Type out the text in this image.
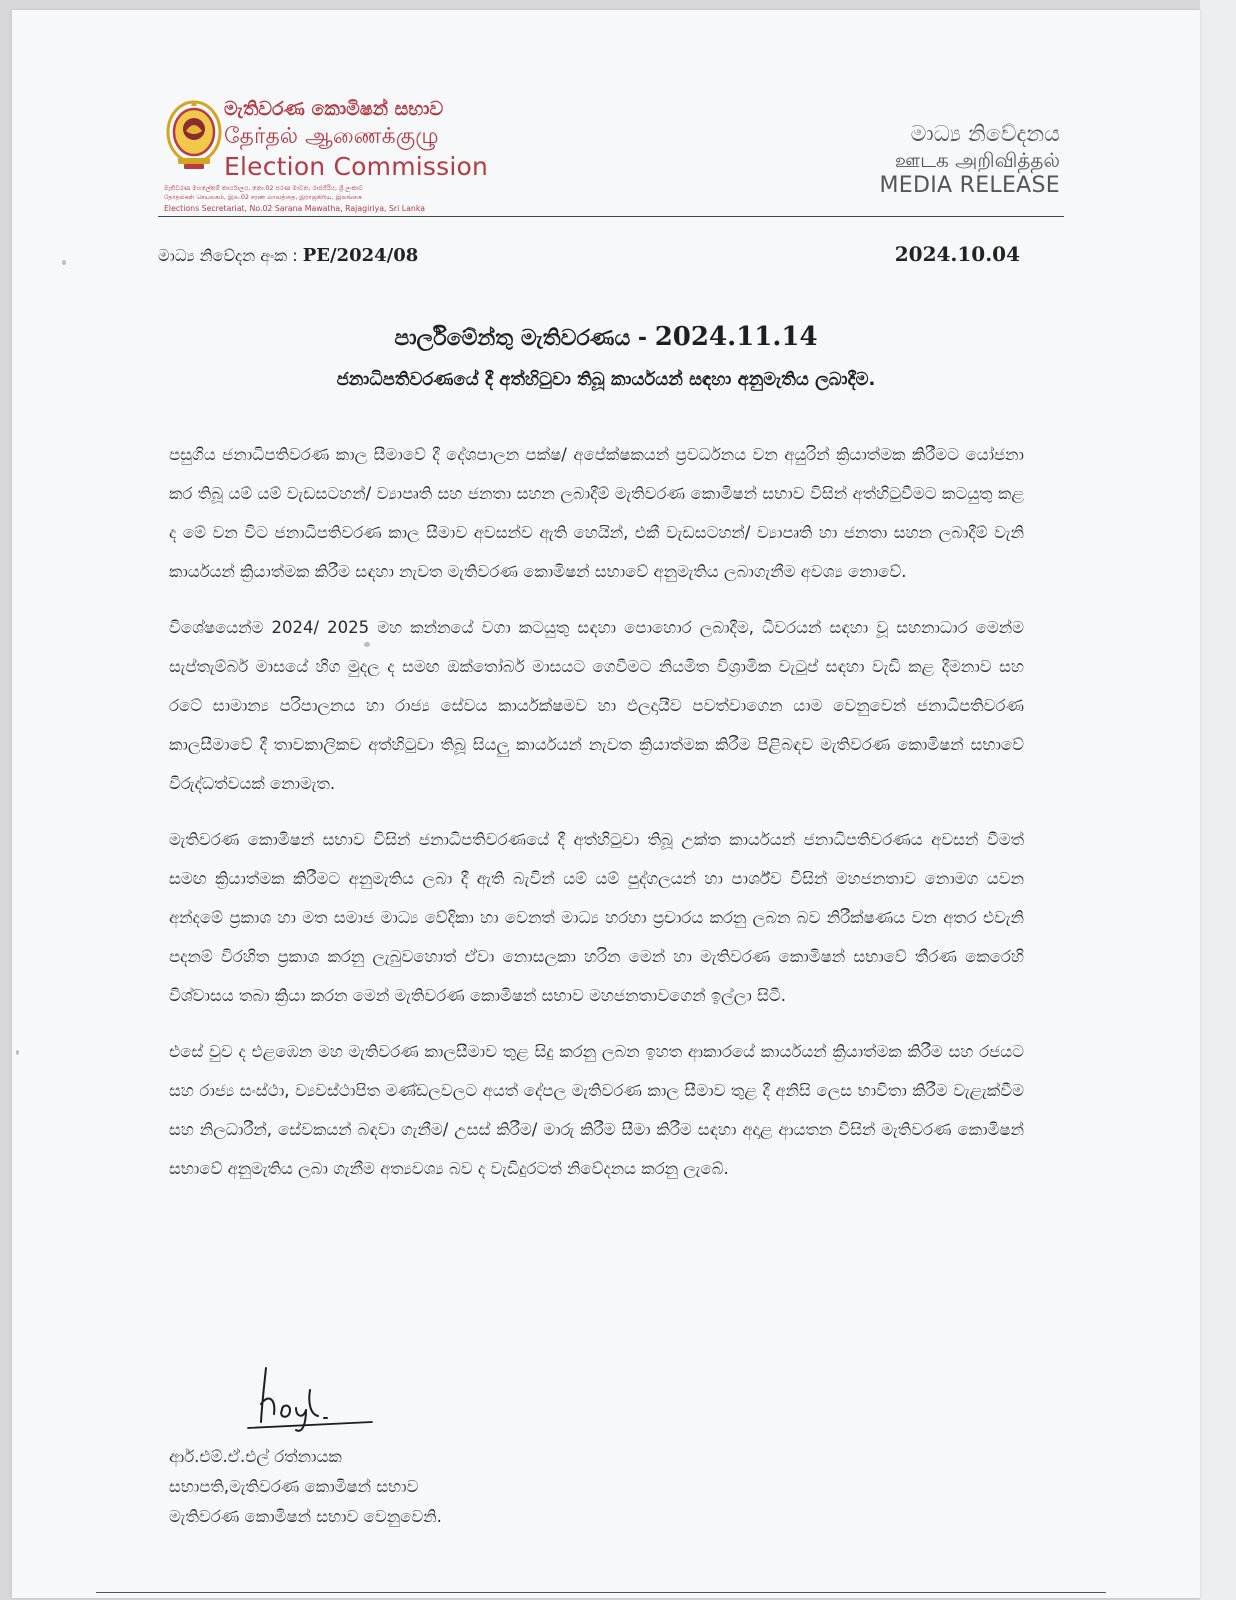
මැතිවරණ කොමිෂන් සභාව
தேர்தல் ஆணைக்குழு
Election Commission
මැතිවරණ මහලේකම් කාර්යාලය, නො.02 සරණ මාවත, රාජගිරිය, ශ්‍රී ලංකාව
தேர்தல்கள் செயலகம், இல.02 சரண மாவத்தை, இராஜகிரிய, இலங்கை
Elections Secretariat, No.02 Sarana Mawatha, Rajagiriya, Sri Lanka
මාධ්‍ය නිවේදනය
ஊடக அறிவித்தல்
MEDIA RELEASE
මාධ්‍ය නිවේදන අංක : PE/2024/08	2024.10.04
පාර්ලිමේන්තු මැතිවරණය - 2024.11.14
ජනාධිපතිවරණයේ දී අත්හිටුවා තිබූ කාර්යයන් සඳහා අනුමැතිය ලබාදීම.

පසුගිය ජනාධිපතිවරණ කාල සීමාවේ දී දේශපාලන පක්ෂ/ අපේක්ෂකයන් ප්‍රවර්ධනය වන අයුරින් ක්‍රියාත්මක කිරීමට යෝජනා කර තිබූ යම් යම් වැඩසටහන්/ ව්‍යාපෘති සහ ජනතා සහන ලබාදීම් මැතිවරණ කොමිෂන් සභාව විසින් අත්හිටුවීමට කටයුතු කළ ද මේ වන විට ජනාධිපතිවරණ කාල සීමාව අවසන්ව ඇති හෙයින්, එකී වැඩසටහන්/ ව්‍යාපෘති හා ජනතා සහන ලබාදීම් වැනි කාර්යයන් ක්‍රියාත්මක කිරීම සඳහා නැවත මැතිවරණ කොමිෂන් සභාවේ අනුමැතිය ලබාගැනීම අවශ්‍ය නොවේ.

විශේෂයෙන්ම 2024/ 2025 මහ කන්නයේ වගා කටයුතු සඳහා පොහොර ලබාදීම, ධීවරයන් සඳහා වූ සහනාධාර මෙන්ම සැප්තැම්බර් මාසයේ හිග මුදල ද සමඟ ඔක්තෝබර් මාසයට ගෙවීමට නියමිත විශ්‍රාමික වැටුප් සඳහා වැඩි කළ දීමනාව සහ රටේ සාමාන්‍ය පරිපාලනය හා රාජ්‍ය සේවය කාර්යක්ෂමව හා ඵලදායීව පවත්වාගෙන යාම වෙනුවෙන් ජනාධිපතිවරණ කාලසීමාවේ දී තාවකාලිකව අත්හිටුවා තිබූ සියලු කාර්යයන් නැවත ක්‍රියාත්මක කිරීම පිළිබඳව මැතිවරණ කොමිෂන් සභාවේ විරුද්ධත්වයක් නොමැත.

මැතිවරණ කොමිෂන් සභාව විසින් ජනාධිපතිවරණයේ දී අත්හිටුවා තිබූ උක්ත කාර්යයන් ජනාධිපතිවරණය අවසන් වීමත් සමඟ ක්‍රියාත්මක කිරීමට අනුමැතිය ලබා දී ඇති බැවින් යම් යම් පුද්ගලයන් හා පාර්ශ්ව විසින් මහජනතාව නොමග යවන අන්දමේ ප්‍රකාශ හා මත සමාජ මාධ්‍ය වේදිකා හා වෙනත් මාධ්‍ය හරහා ප්‍රචාරය කරනු ලබන බව නිරීක්ෂණය වන අතර එවැනි පදනම් විරහිත ප්‍රකාශ කරනු ලැබුවහොත් ඒවා නොසලකා හරින මෙන් හා මැතිවරණ කොමිෂන් සභාවේ තීරණ කෙරෙහි විශ්වාසය තබා ක්‍රියා කරන මෙන් මැතිවරණ කොමිෂන් සභාව මහජනතාවගෙන් ඉල්ලා සිටී.

එසේ වුව ද එළඹෙන මහ මැතිවරණ කාලසීමාව තුළ සිදු කරනු ලබන ඉහත ආකාරයේ කාර්යයන් ක්‍රියාත්මක කිරීම සහ රජයට සහ රාජ්‍ය සංස්ථා, ව්‍යවස්ථාපිත මණ්ඩලවලට අයත් දේපල මැතිවරණ කාල සීමාව තුළ දී අනිසි ලෙස භාවිතා කිරීම වැළැක්වීම සහ නිලධාරීන්, සේවකයන් බඳවා ගැනීම/ උසස් කිරීම/ මාරු කිරීම සීමා කිරීම සඳහා අදාළ ආයතන විසින් මැතිවරණ කොමිෂන් සභාවේ අනුමැතිය ලබා ගැනීම අත්‍යවශ්‍ය බව ද වැඩිදුරටත් නිවේදනය කරනු ලැබේ.

ආර්.එම්.ඒ.එල් රත්නායක
සභාපති,මැතිවරණ කොමිෂන් සභාව
මැතිවරණ කොමිෂන් සභාව වෙනුවෙනි.
